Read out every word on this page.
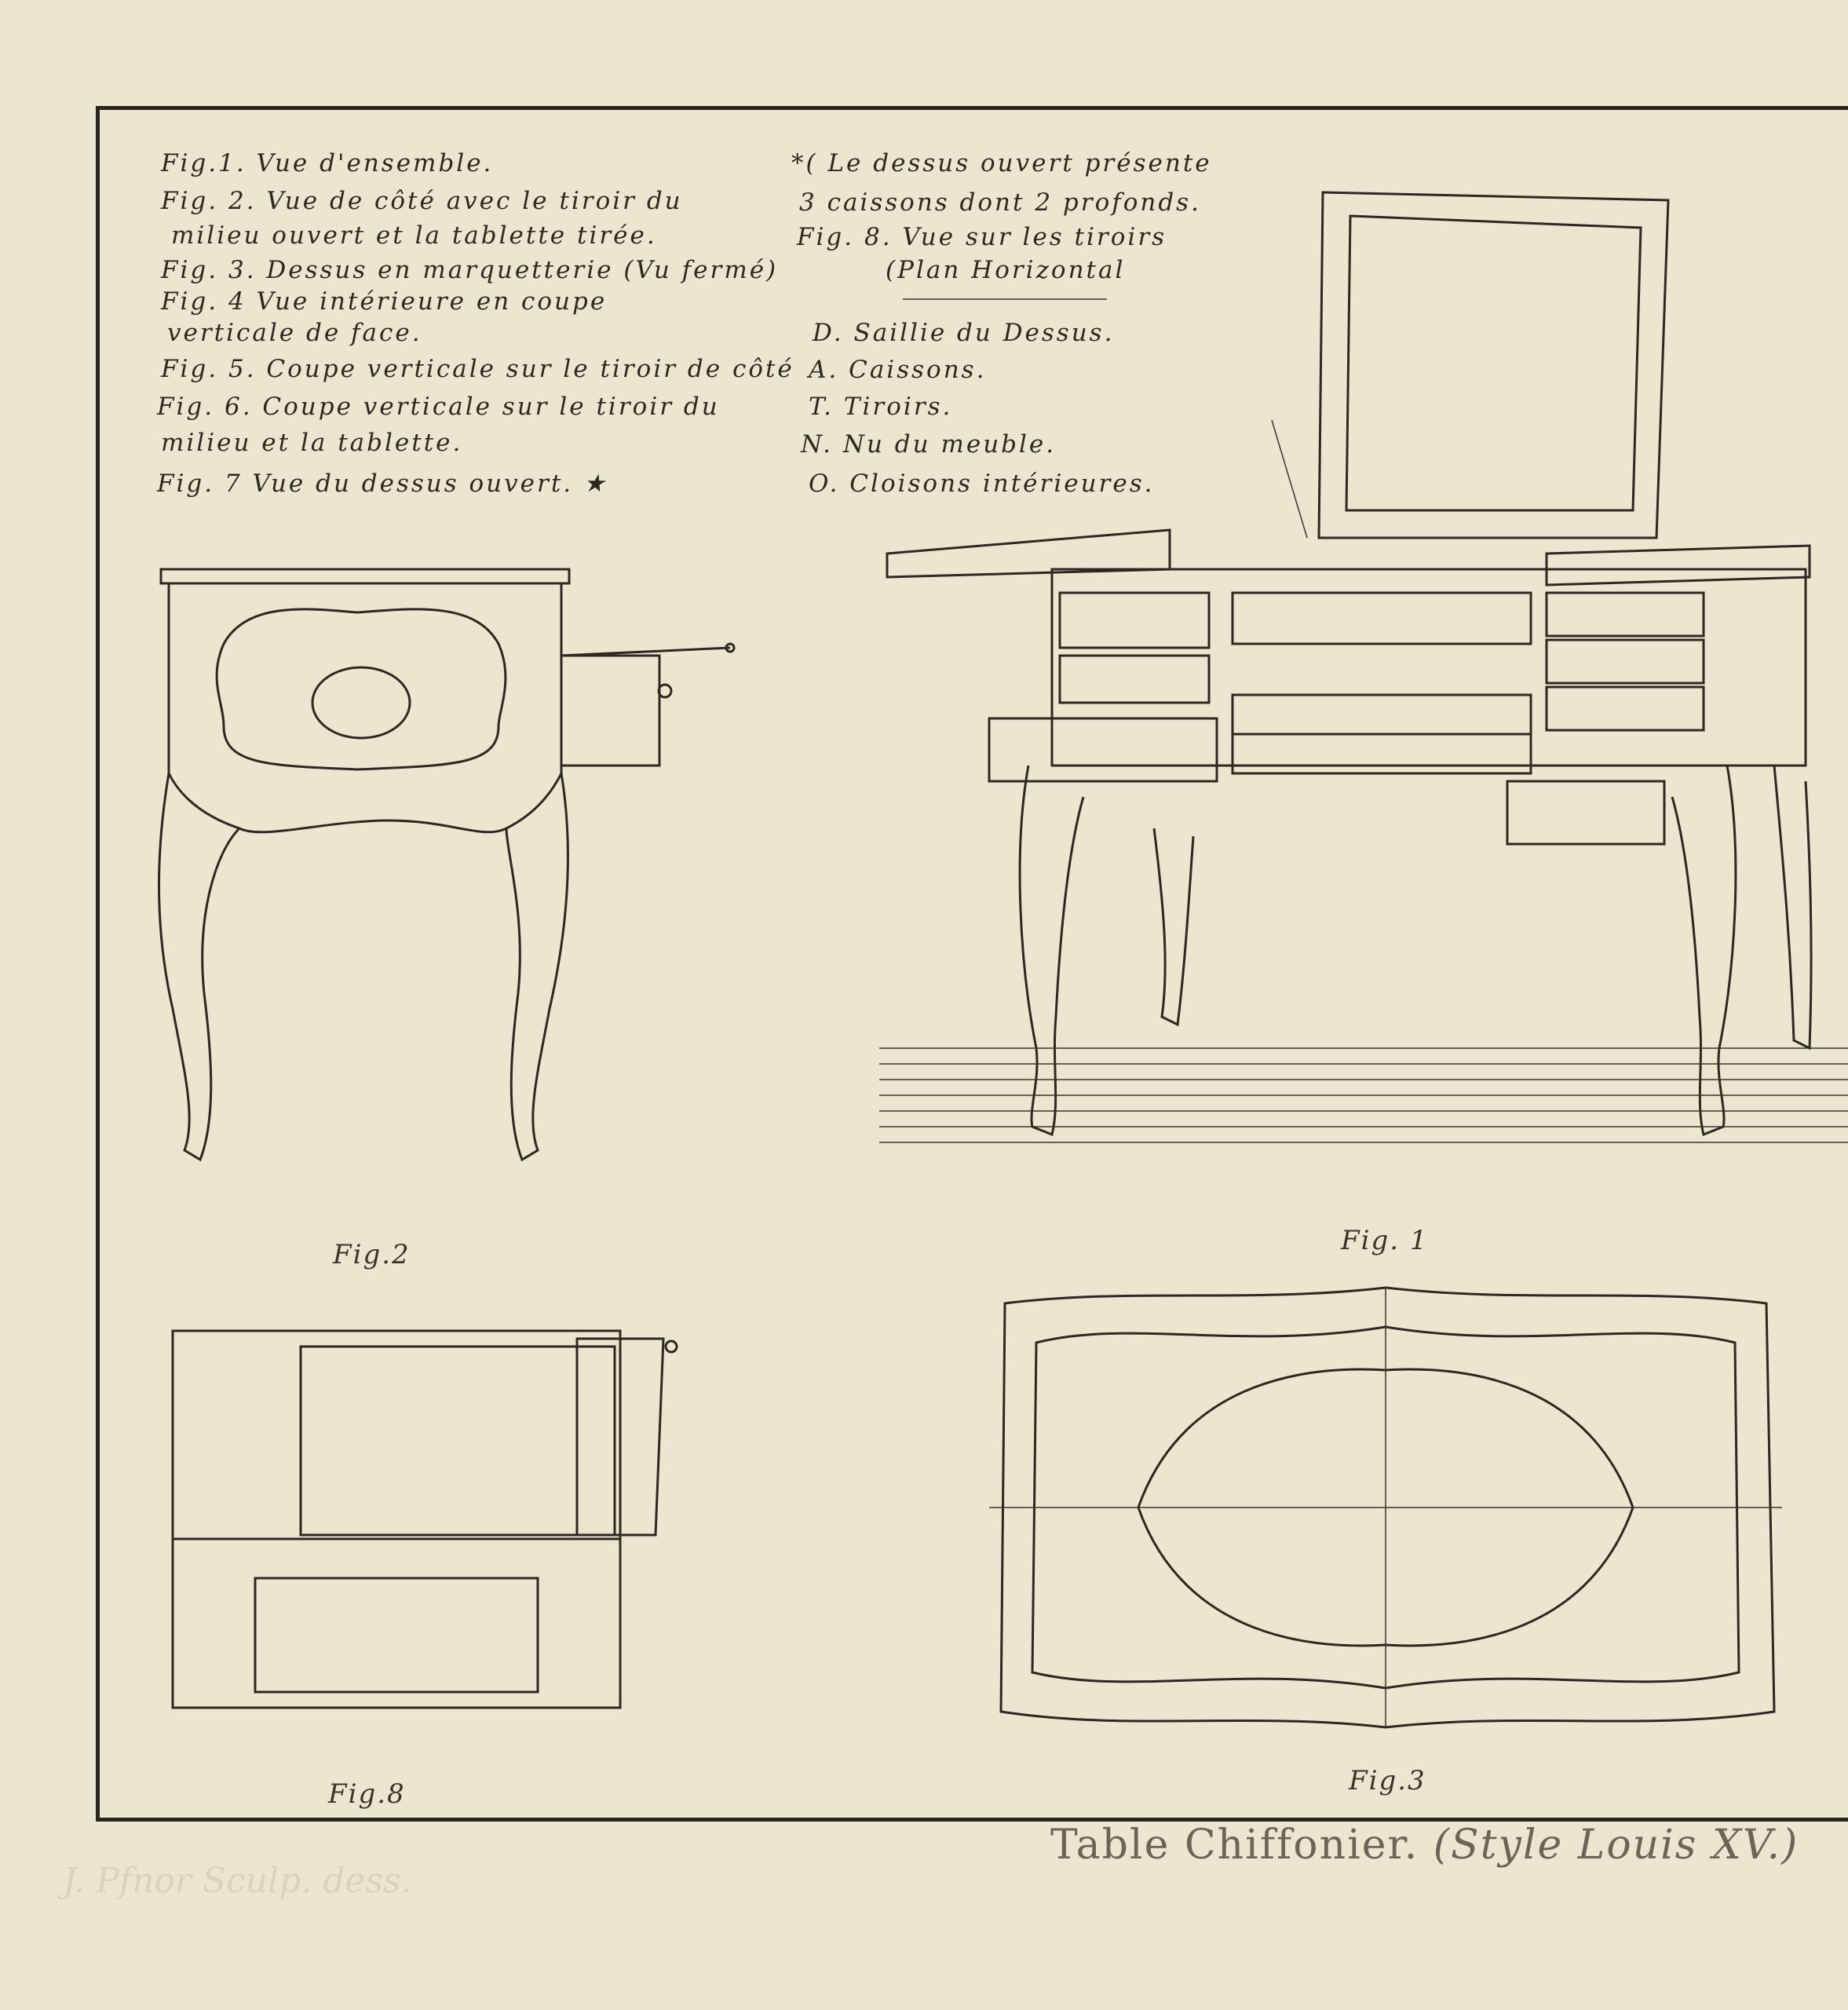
Fig.1. Vue d'ensemble.
Fig. 2. Vue de côté avec le tiroir du
milieu ouvert et la tablette tirée.
Fig. 3. Dessus en marquetterie (Vu fermé)
Fig. 4 Vue intérieure en coupe
verticale de face.
Fig. 5. Coupe verticale sur le tiroir de côté
Fig. 6. Coupe verticale sur le tiroir du
milieu et la tablette.
Fig. 7 Vue du dessus ouvert. ★
*( Le dessus ouvert présente
3 caissons dont 2 profonds.
Fig. 8. Vue sur les tiroirs
(Plan Horizontal
D. Saillie du Dessus.
A. Caissons.
T. Tiroirs.
N. Nu du meuble.
O. Cloisons intérieures.
Fig.2	Fig. 1
Fig.8	Fig.3
Table Chiffonier. (Style Louis XV.)
J. Pfnor Sculp. dess.
